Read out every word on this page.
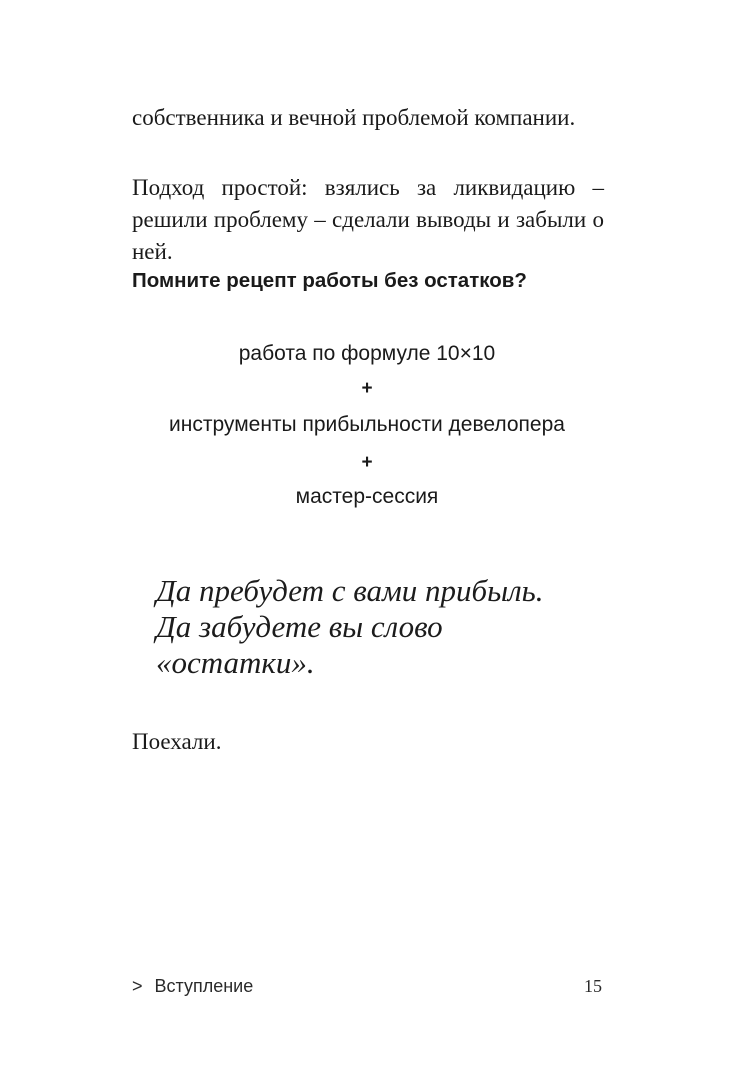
собственника и вечной проблемой компании.

Подход простой: взялись за ликвидацию – решили проблему – сделали выводы и забыли о ней.

Помните рецепт работы без остатков?

работа по формуле 10×10

+

инструменты прибыльности девелопера

+

мастер-сессия

Да пребудет с вами прибыль.
Да забудете вы слово
«остатки».

Поехали.

> Вступление	15
